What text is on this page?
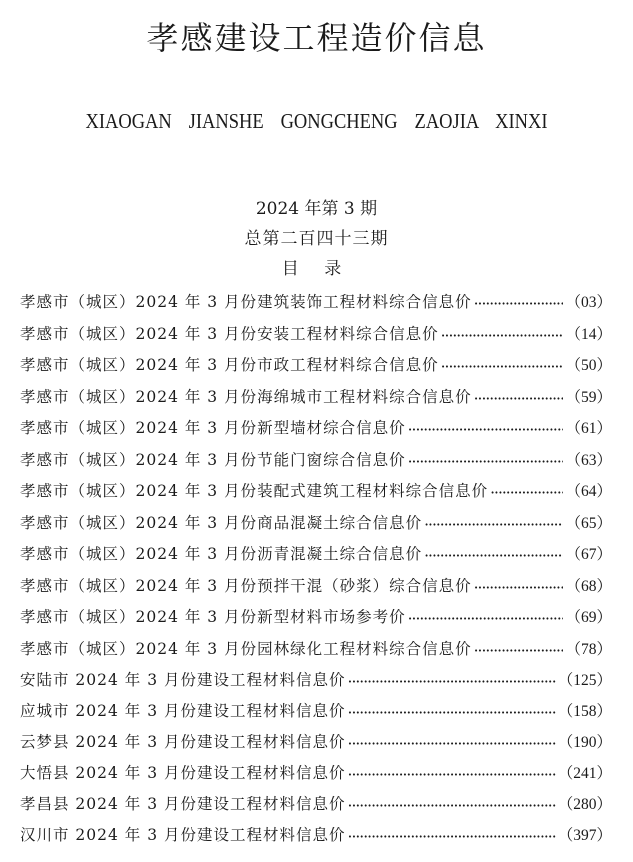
孝感建设工程造价信息
XIAOGAN JIANSHE GONGCHENG ZAOJIA XINXI
2024 年第 3 期
总第二百四十三期
目 录
孝感市（城区）2024 年 3 月份建筑装饰工程材料综合信息价 ·····	（03）
孝感市（城区）2024 年 3 月份安装工程材料综合信息价 ·····	（14）
孝感市（城区）2024 年 3 月份市政工程材料综合信息价 ·····	（50）
孝感市（城区）2024 年 3 月份海绵城市工程材料综合信息价 ·····	（59）
孝感市（城区）2024 年 3 月份新型墙材综合信息价 ·····	（61）
孝感市（城区）2024 年 3 月份节能门窗综合信息价 ·····	（63）
孝感市（城区）2024 年 3 月份装配式建筑工程材料综合信息价 ·····	（64）
孝感市（城区）2024 年 3 月份商品混凝土综合信息价 ·····	（65）
孝感市（城区）2024 年 3 月份沥青混凝土综合信息价 ·····	（67）
孝感市（城区）2024 年 3 月份预拌干混（砂浆）综合信息价 ·····	（68）
孝感市（城区）2024 年 3 月份新型材料市场参考价 ·····	（69）
孝感市（城区）2024 年 3 月份园林绿化工程材料综合信息价 ·····	（78）
安陆市 2024 年 3 月份建设工程材料信息价 ·····	（125）
应城市 2024 年 3 月份建设工程材料信息价 ·····	（158）
云梦县 2024 年 3 月份建设工程材料信息价 ·····	（190）
大悟县 2024 年 3 月份建设工程材料信息价 ·····	（241）
孝昌县 2024 年 3 月份建设工程材料信息价 ·····	（280）
汉川市 2024 年 3 月份建设工程材料信息价 ·····	（397）
